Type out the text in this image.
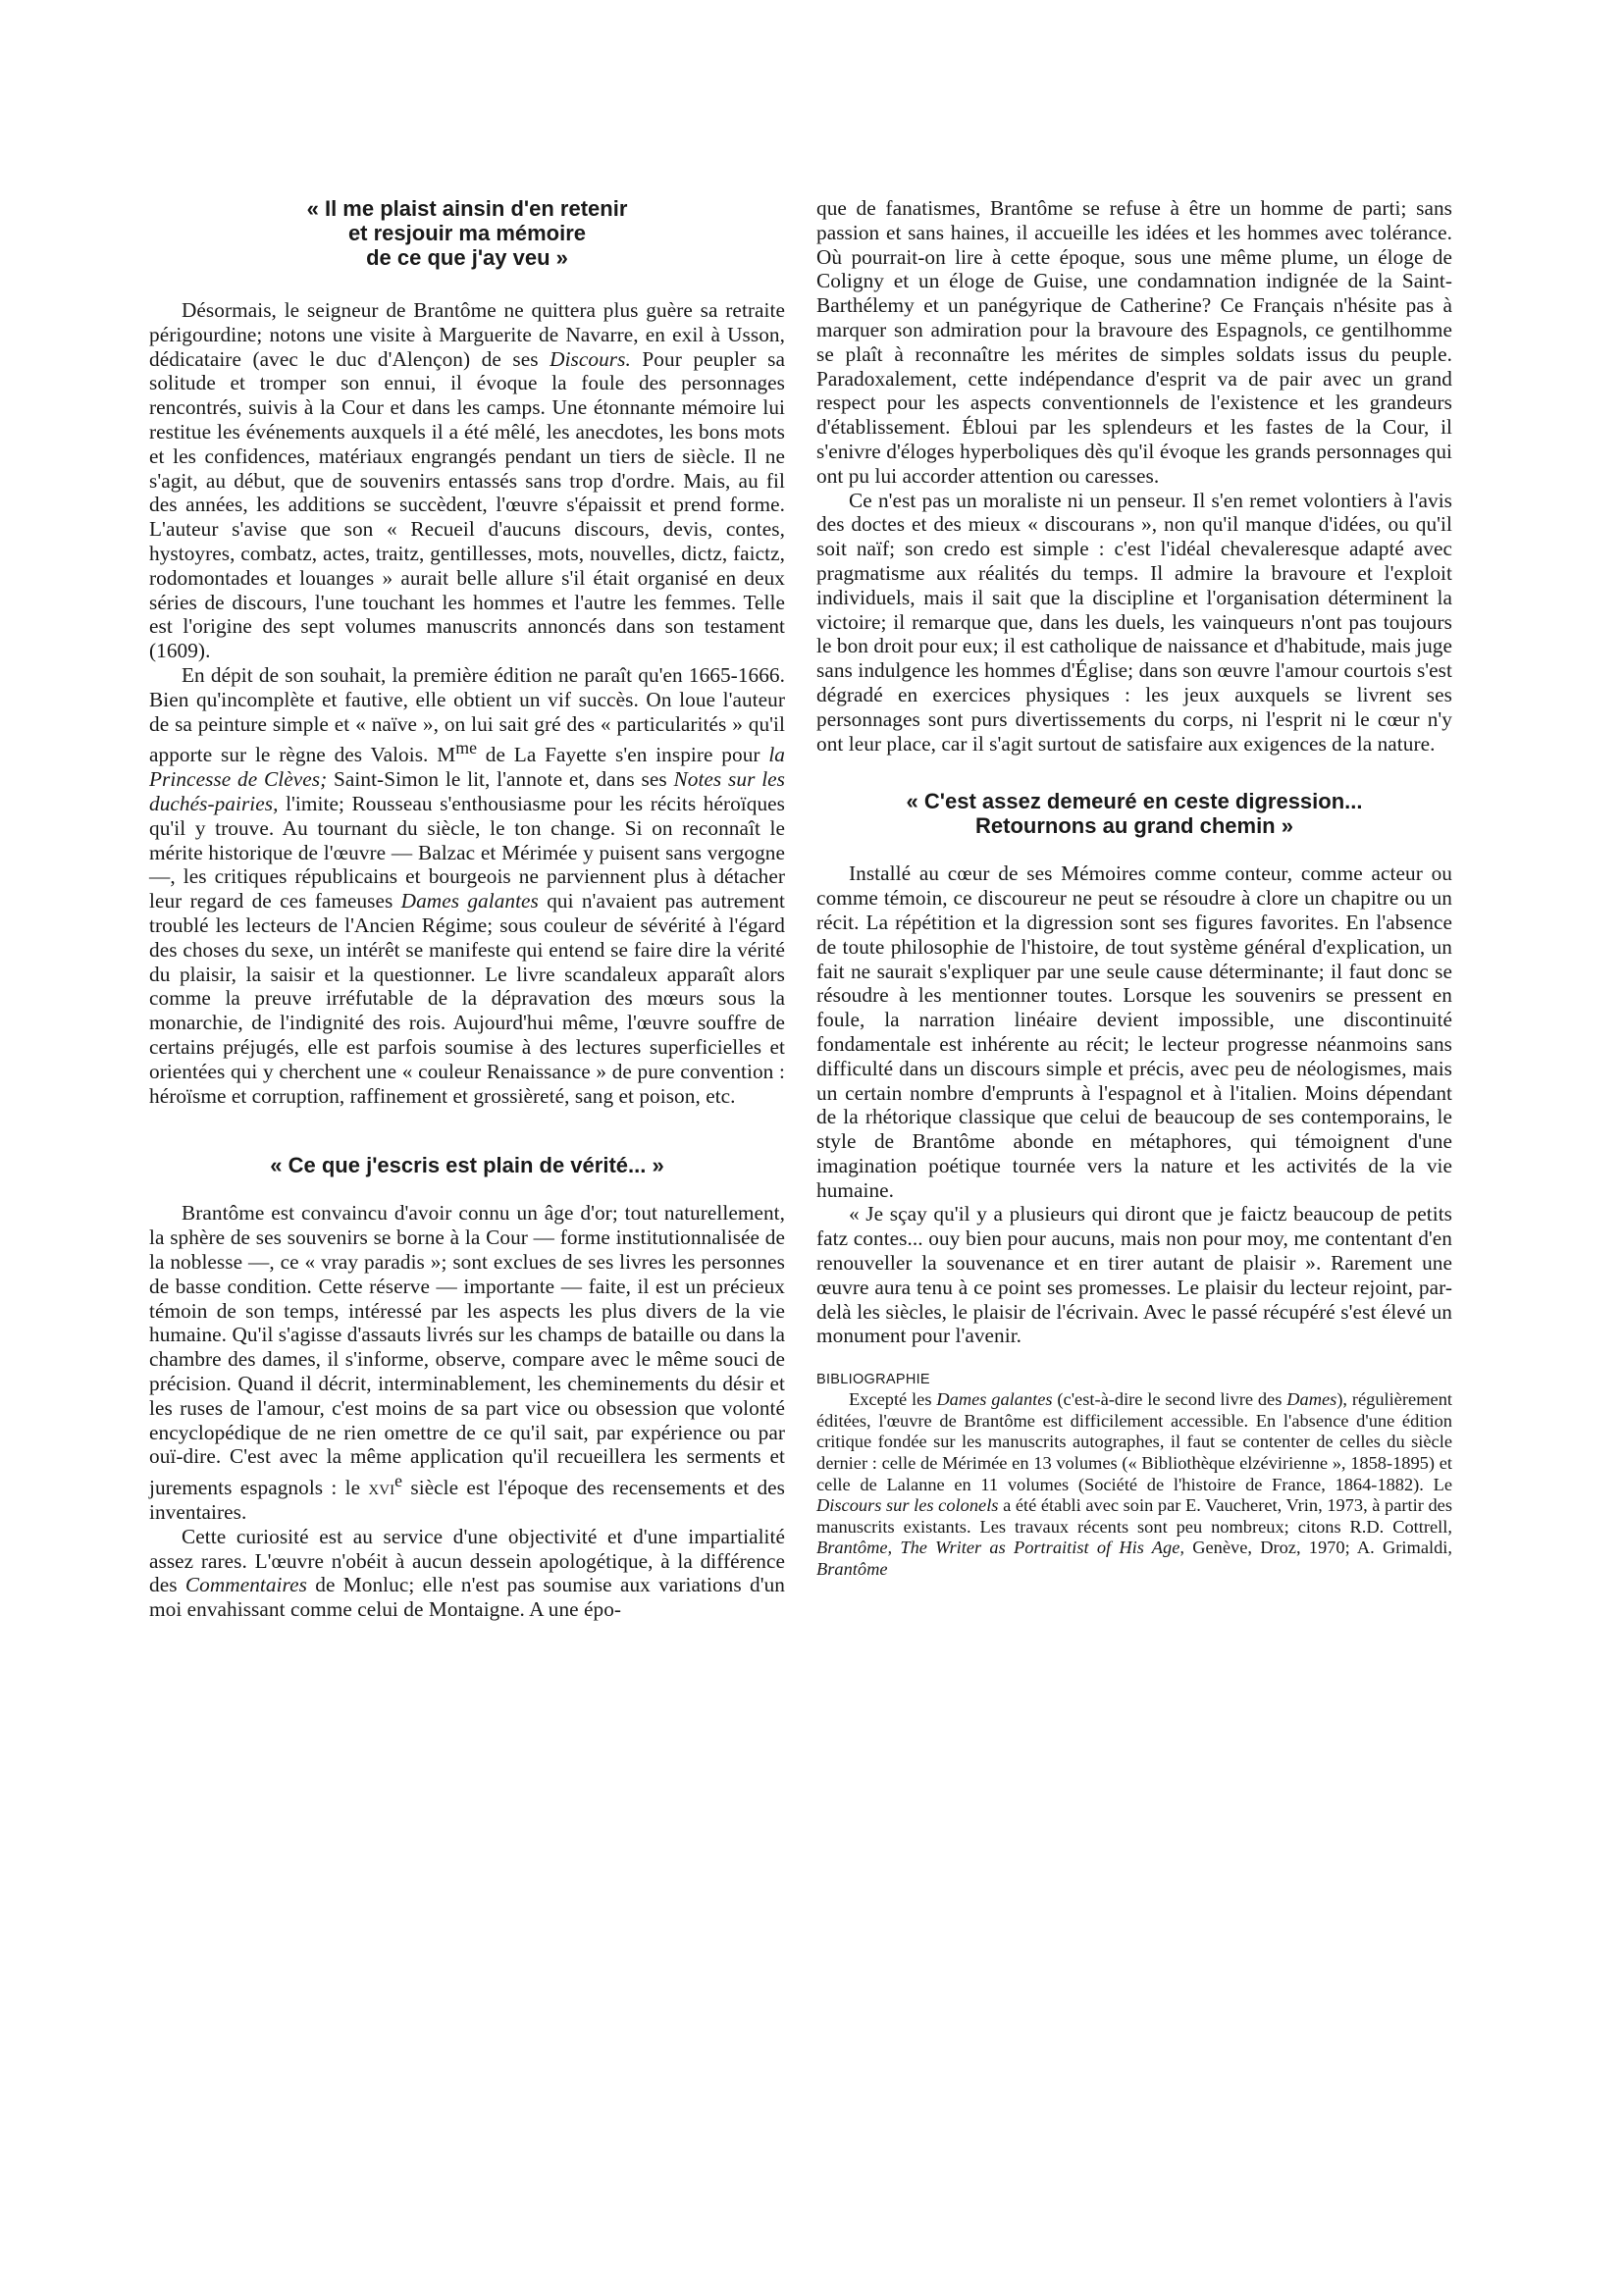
« Il me plaist ainsin d'en retenir
et resjouir ma mémoire
de ce que j'ay veu »

Désormais, le seigneur de Brantôme ne quittera plus guère sa retraite périgourdine; notons une visite à Marguerite de Navarre, en exil à Usson, dédicataire (avec le duc d'Alençon) de ses Discours. Pour peupler sa solitude et tromper son ennui, il évoque la foule des personnages rencontrés, suivis à la Cour et dans les camps. Une étonnante mémoire lui restitue les événements auxquels il a été mêlé, les anecdotes, les bons mots et les confidences, matériaux engrangés pendant un tiers de siècle. Il ne s'agit, au début, que de souvenirs entassés sans trop d'ordre. Mais, au fil des années, les additions se succèdent, l'œuvre s'épaissit et prend forme. L'auteur s'avise que son « Recueil d'aucuns discours, devis, contes, hystoyres, combatz, actes, traitz, gentillesses, mots, nouvelles, dictz, faictz, rodomontades et louanges » aurait belle allure s'il était organisé en deux séries de discours, l'une touchant les hommes et l'autre les femmes. Telle est l'origine des sept volumes manuscrits annoncés dans son testament (1609).

En dépit de son souhait, la première édition ne paraît qu'en 1665-1666. Bien qu'incomplète et fautive, elle obtient un vif succès. On loue l'auteur de sa peinture simple et « naïve », on lui sait gré des « particularités » qu'il apporte sur le règne des Valois. $M^{me}$ de La Fayette s'en inspire pour la Princesse de Clèves; Saint-Simon le lit, l'annote et, dans ses Notes sur les duchés-pairies, l'imite; Rousseau s'enthousiasme pour les récits héroïques qu'il y trouve. Au tournant du siècle, le ton change. Si on reconnaît le mérite historique de l'œuvre — Balzac et Mérimée y puisent sans vergogne —, les critiques républicains et bourgeois ne parviennent plus à détacher leur regard de ces fameuses Dames galantes qui n'avaient pas autrement troublé les lecteurs de l'Ancien Régime; sous couleur de sévérité à l'égard des choses du sexe, un intérêt se manifeste qui entend se faire dire la vérité du plaisir, la saisir et la questionner. Le livre scandaleux apparaît alors comme la preuve irréfutable de la dépravation des mœurs sous la monarchie, de l'indignité des rois. Aujourd'hui même, l'œuvre souffre de certains préjugés, elle est parfois soumise à des lectures superficielles et orientées qui y cherchent une « couleur Renaissance » de pure convention : héroïsme et corruption, raffinement et grossièreté, sang et poison, etc.

« Ce que j'escris est plain de vérité... »

Brantôme est convaincu d'avoir connu un âge d'or; tout naturellement, la sphère de ses souvenirs se borne à la Cour — forme institutionnalisée de la noblesse —, ce « vray paradis »; sont exclues de ses livres les personnes de basse condition. Cette réserve — importante — faite, il est un précieux témoin de son temps, intéressé par les aspects les plus divers de la vie humaine. Qu'il s'agisse d'assauts livrés sur les champs de bataille ou dans la chambre des dames, il s'informe, observe, compare avec le même souci de précision. Quand il décrit, interminablement, les cheminements du désir et les ruses de l'amour, c'est moins de sa part vice ou obsession que volonté encyclopédique de ne rien omettre de ce qu'il sait, par expérience ou par ouï-dire. C'est avec la même application qu'il recueillera les serments et jurements espagnols : le xvi$^e$ siècle est l'époque des recensements et des inventaires.

Cette curiosité est au service d'une objectivité et d'une impartialité assez rares. L'œuvre n'obéit à aucun dessein apologétique, à la différence des Commentaires de Monluc; elle n'est pas soumise aux variations d'un moi envahissant comme celui de Montaigne. A une épo-

que de fanatismes, Brantôme se refuse à être un homme de parti; sans passion et sans haines, il accueille les idées et les hommes avec tolérance. Où pourrait-on lire à cette époque, sous une même plume, un éloge de Coligny et un éloge de Guise, une condamnation indignée de la Saint-Barthélemy et un panégyrique de Catherine? Ce Français n'hésite pas à marquer son admiration pour la bravoure des Espagnols, ce gentilhomme se plaît à reconnaître les mérites de simples soldats issus du peuple. Paradoxalement, cette indépendance d'esprit va de pair avec un grand respect pour les aspects conventionnels de l'existence et les grandeurs d'établissement. Ébloui par les splendeurs et les fastes de la Cour, il s'enivre d'éloges hyperboliques dès qu'il évoque les grands personnages qui ont pu lui accorder attention ou caresses.

Ce n'est pas un moraliste ni un penseur. Il s'en remet volontiers à l'avis des doctes et des mieux « discourans », non qu'il manque d'idées, ou qu'il soit naïf; son credo est simple : c'est l'idéal chevaleresque adapté avec pragmatisme aux réalités du temps. Il admire la bravoure et l'exploit individuels, mais il sait que la discipline et l'organisation déterminent la victoire; il remarque que, dans les duels, les vainqueurs n'ont pas toujours le bon droit pour eux; il est catholique de naissance et d'habitude, mais juge sans indulgence les hommes d'Église; dans son œuvre l'amour courtois s'est dégradé en exercices physiques : les jeux auxquels se livrent ses personnages sont purs divertissements du corps, ni l'esprit ni le cœur n'y ont leur place, car il s'agit surtout de satisfaire aux exigences de la nature.

« C'est assez demeuré en ceste digression...
Retournons au grand chemin »

Installé au cœur de ses Mémoires comme conteur, comme acteur ou comme témoin, ce discoureur ne peut se résoudre à clore un chapitre ou un récit. La répétition et la digression sont ses figures favorites. En l'absence de toute philosophie de l'histoire, de tout système général d'explication, un fait ne saurait s'expliquer par une seule cause déterminante; il faut donc se résoudre à les mentionner toutes. Lorsque les souvenirs se pressent en foule, la narration linéaire devient impossible, une discontinuité fondamentale est inhérente au récit; le lecteur progresse néanmoins sans difficulté dans un discours simple et précis, avec peu de néologismes, mais un certain nombre d'emprunts à l'espagnol et à l'italien. Moins dépendant de la rhétorique classique que celui de beaucoup de ses contemporains, le style de Brantôme abonde en métaphores, qui témoignent d'une imagination poétique tournée vers la nature et les activités de la vie humaine.

« Je sçay qu'il y a plusieurs qui diront que je faictz beaucoup de petits fatz contes... ouy bien pour aucuns, mais non pour moy, me contentant d'en renouveller la souvenance et en tirer autant de plaisir ». Rarement une œuvre aura tenu à ce point ses promesses. Le plaisir du lecteur rejoint, par-delà les siècles, le plaisir de l'écrivain. Avec le passé récupéré s'est élevé un monument pour l'avenir.

BIBLIOGRAPHIE

Excepté les Dames galantes (c'est-à-dire le second livre des Dames), régulièrement éditées, l'œuvre de Brantôme est difficilement accessible. En l'absence d'une édition critique fondée sur les manuscrits autographes, il faut se contenter de celles du siècle dernier : celle de Mérimée en 13 volumes (« Bibliothèque elzévirienne », 1858-1895) et celle de Lalanne en 11 volumes (Société de l'histoire de France, 1864-1882). Le Discours sur les colonels a été établi avec soin par E. Vaucheret, Vrin, 1973, à partir des manuscrits existants. Les travaux récents sont peu nombreux; citons R.D. Cottrell, Brantôme, The Writer as Portraitist of His Age, Genève, Droz, 1970; A. Grimaldi, Brantôme
